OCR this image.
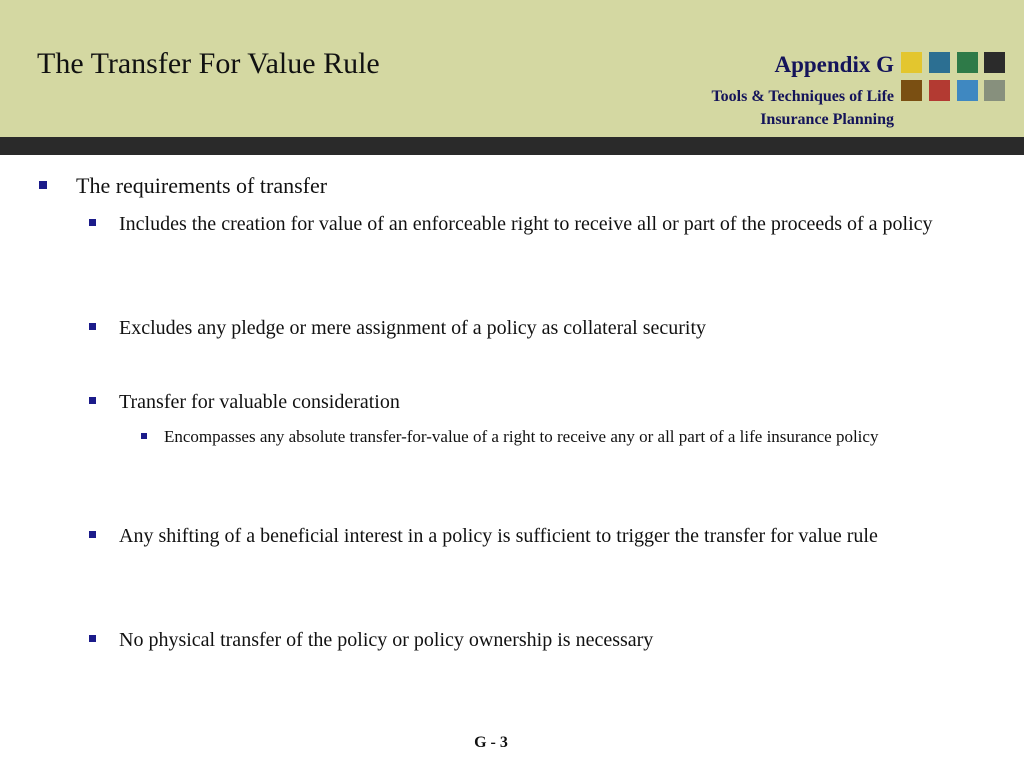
The Transfer For Value Rule	Appendix G
Tools & Techniques of Life
Insurance Planning
The requirements of transfer
Includes the creation for value of an enforceable right to receive all or part of the proceeds of a policy
Excludes any pledge or mere assignment of a policy as collateral security
Transfer for valuable consideration
Encompasses any absolute transfer-for-value of a right to receive any or all part of a life insurance policy
Any shifting of a beneficial interest in a policy is sufficient to trigger the transfer for value rule
No physical transfer of the policy or policy ownership is necessary
G - 3
